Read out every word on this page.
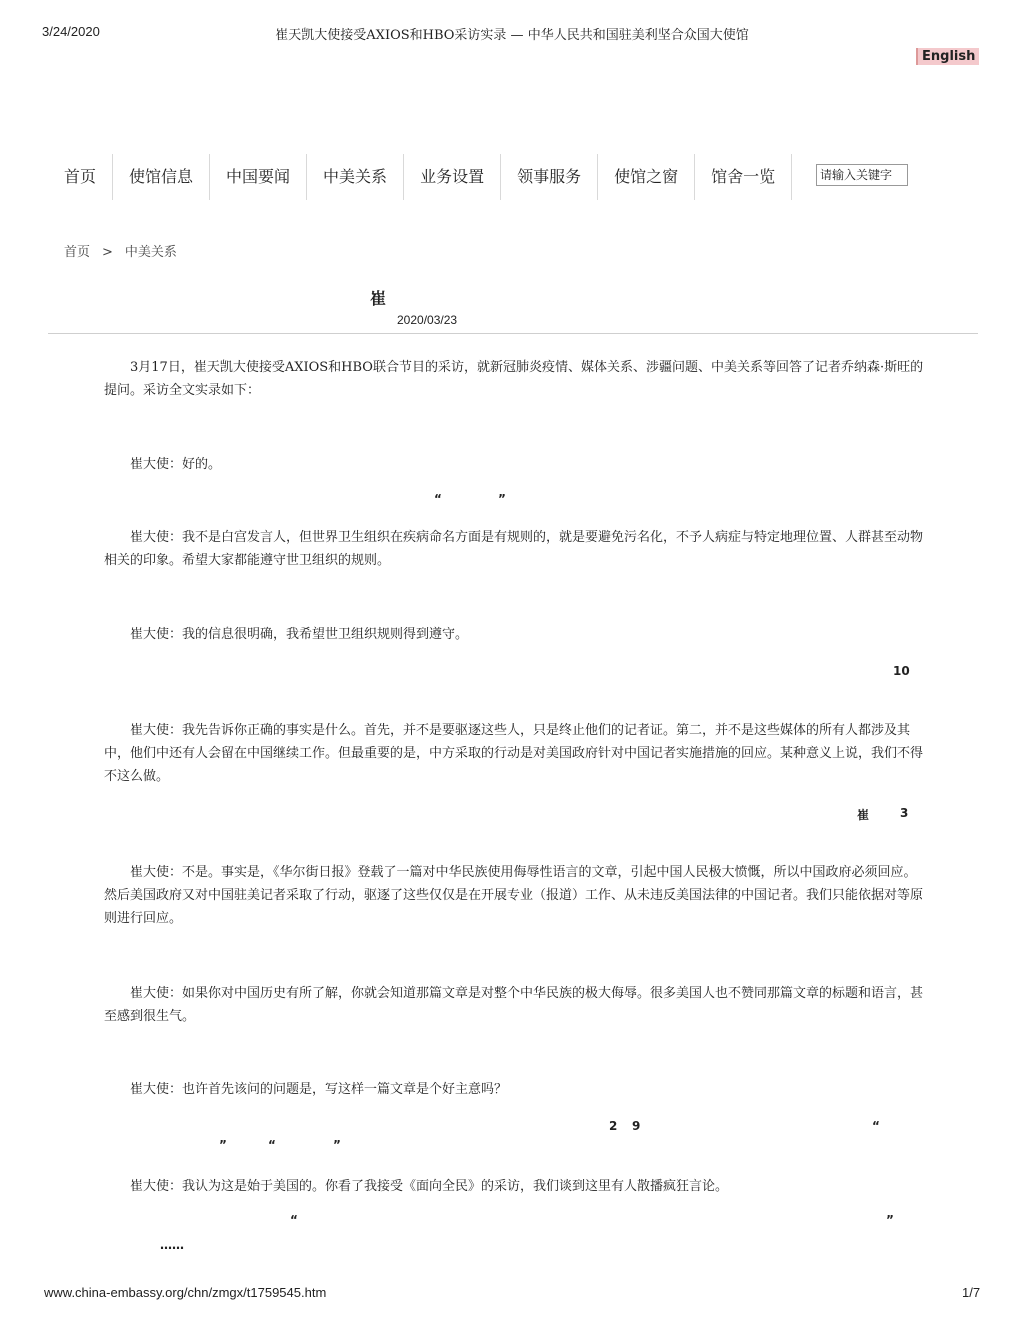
3/24/2020	崔天凯大使接受AXIOS和HBO采访实录 — 中华人民共和国驻美利坚合众国大使馆
English
首页	使馆信息	中国要闻	中美关系	业务设置	领事服务	使馆之窗	馆舍一览
请输入关键字
首页 > 中美关系
崔
2020/03/23

3月17日，崔天凯大使接受AXIOS和HBO联合节目的采访，就新冠肺炎疫情、媒体关系、涉疆问题、中美关系等回答了记者乔纳森·斯旺的提问。采访全文实录如下：

崔大使：好的。

“	”

崔大使：我不是白宫发言人，但世界卫生组织在疾病命名方面是有规则的，就是要避免污名化，不予人病症与特定地理位置、人群甚至动物相关的印象。希望大家都能遵守世卫组织的规则。

崔大使：我的信息很明确，我希望世卫组织规则得到遵守。

10

崔大使：我先告诉你正确的事实是什么。首先，并不是要驱逐这些人，只是终止他们的记者证。第二，并不是这些媒体的所有人都涉及其中，他们中还有人会留在中国继续工作。但最重要的是，中方采取的行动是对美国政府针对中国记者实施措施的回应。某种意义上说，我们不得不这么做。

崔	3

崔大使：不是。事实是，《华尔街日报》登载了一篇对中华民族使用侮辱性语言的文章，引起中国人民极大愤慨，所以中国政府必须回应。然后美国政府又对中国驻美记者采取了行动，驱逐了这些仅仅是在开展专业（报道）工作、从未违反美国法律的中国记者。我们只能依据对等原则进行回应。

崔大使：如果你对中国历史有所了解，你就会知道那篇文章是对整个中华民族的极大侮辱。很多美国人也不赞同那篇文章的标题和语言，甚至感到很生气。

崔大使：也许首先该问的问题是，写这样一篇文章是个好主意吗？

2 9	“
”	“	”

崔大使：我认为这是始于美国的。你看了我接受《面向全民》的采访，我们谈到这里有人散播疯狂言论。

“	”
……
www.china-embassy.org/chn/zmgx/t1759545.htm	1/7
